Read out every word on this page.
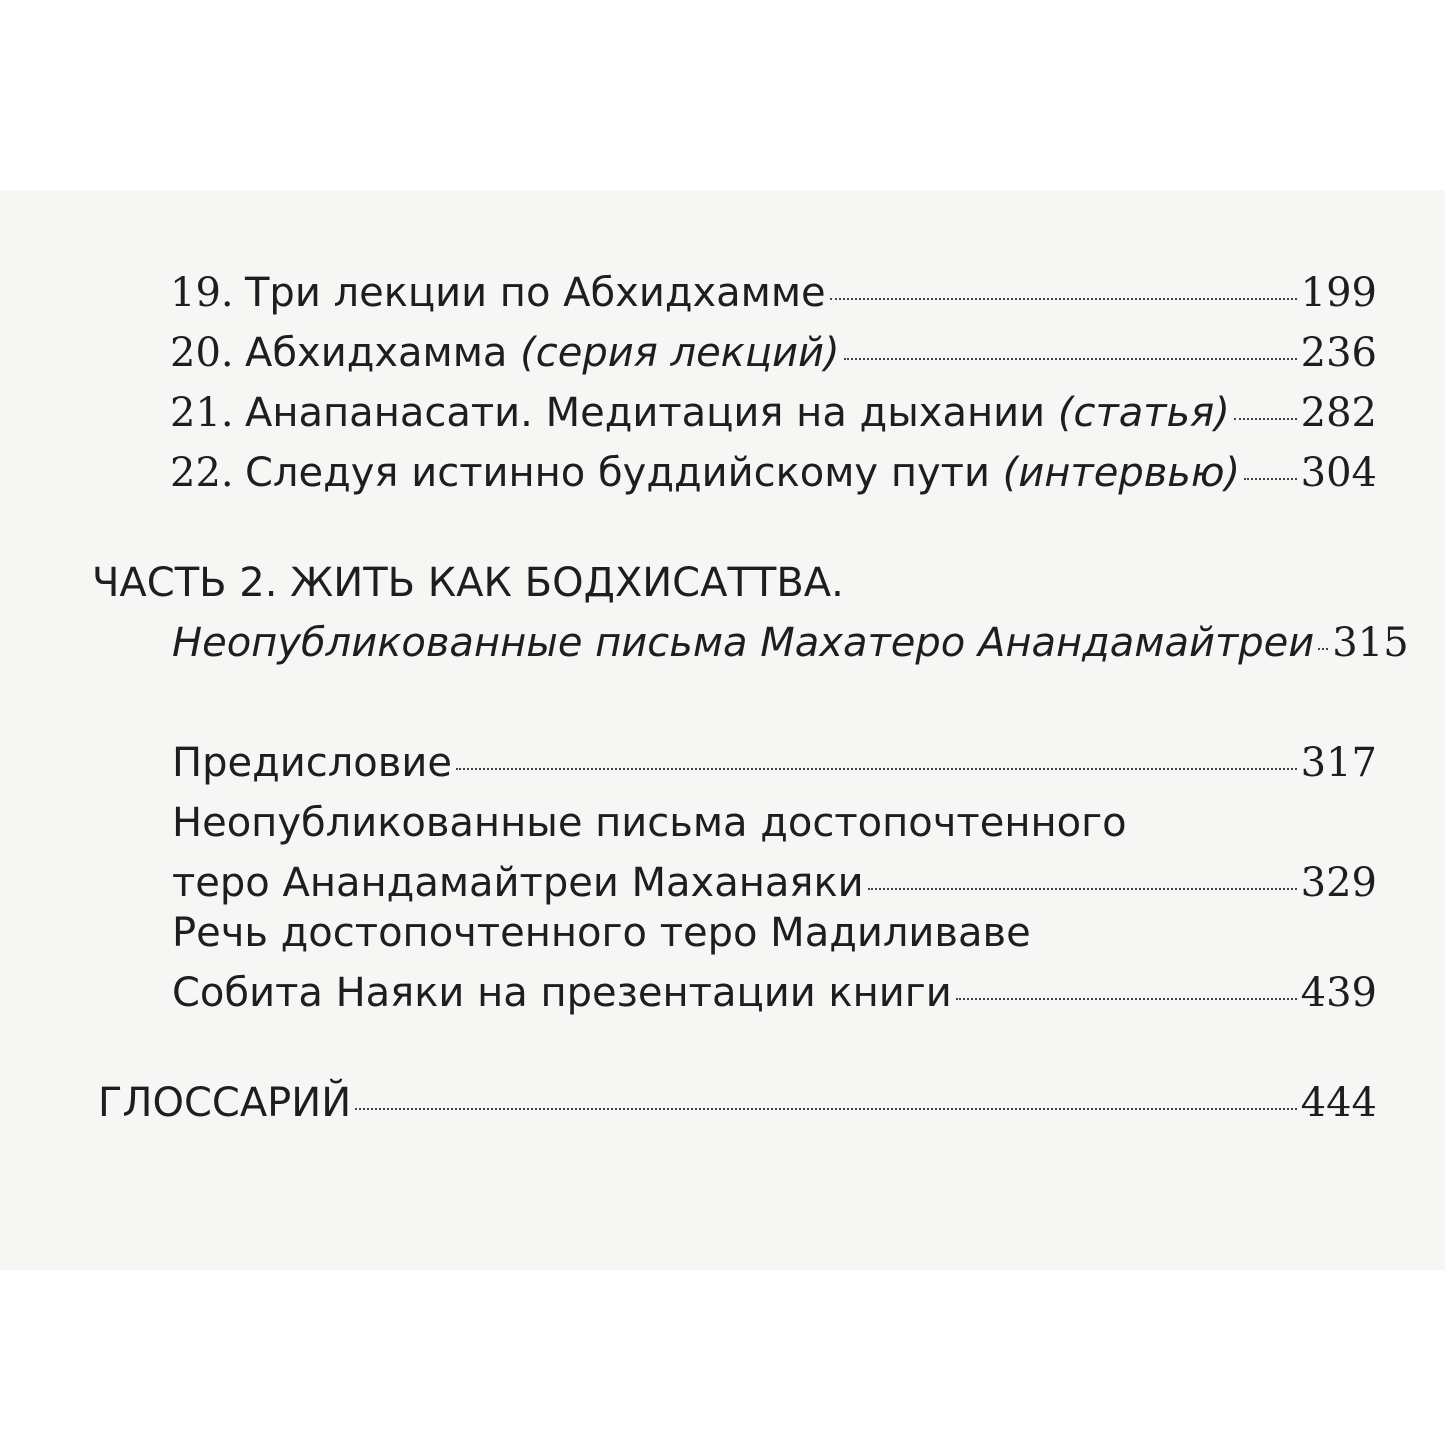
19. Три лекции по Абхидхамме	199
20. Абхидхамма (серия лекций)	236
21. Анапанасати. Медитация на дыхании (статья) 282
22. Следуя истинно буддийскому пути (интервью) 304
ЧАСТЬ 2. ЖИТЬ КАК БОДХИСАТТВА.
Неопубликованные письма Махатеро Анандамайтреи 315
Предисловие	317
Неопубликованные письма достопочтенного
теро Анандамайтреи Маханаяки	329
Речь достопочтенного теро Мадиливаве
Собита Наяки на презентации книги	439
ГЛОССАРИЙ	444
